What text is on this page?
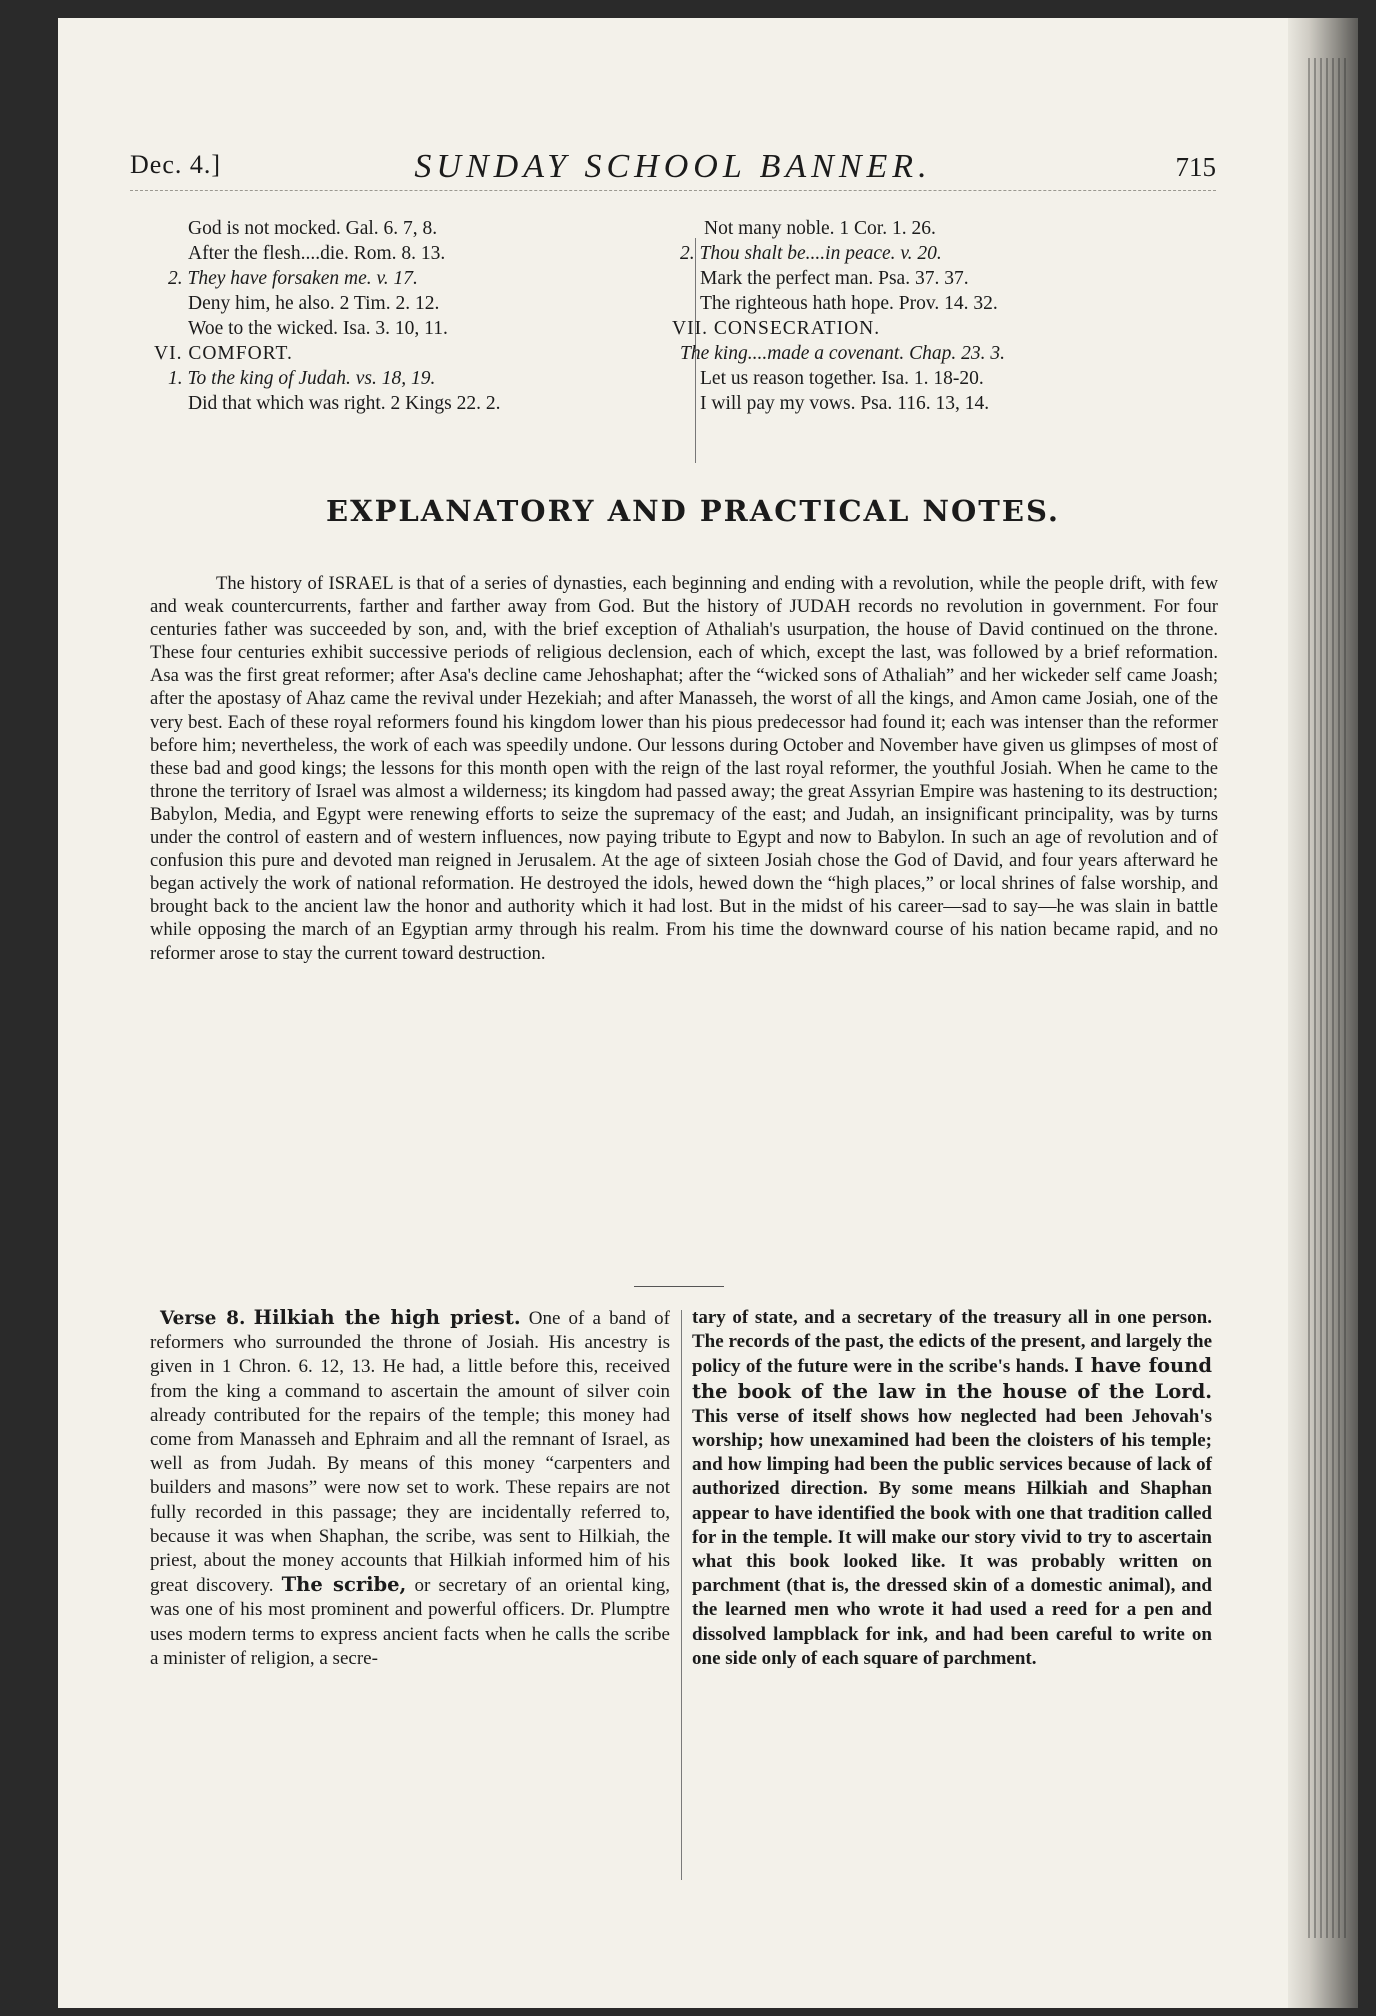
Dec. 4.]	SUNDAY SCHOOL BANNER.	715
God is not mocked. Gal. 6. 7, 8.
After the flesh....die. Rom. 8. 13.
2. They have forsaken me. v. 17.
Deny him, he also. 2 Tim. 2. 12.
Woe to the wicked. Isa. 3. 10, 11.
VI. COMFORT.
1. To the king of Judah. vs. 18, 19.
Did that which was right. 2 Kings 22. 2.
Not many noble. 1 Cor. 1. 26.
2. Thou shalt be....in peace. v. 20.
Mark the perfect man. Psa. 37. 37.
The righteous hath hope. Prov. 14. 32.
VII. CONSECRATION.
The king....made a covenant. Chap. 23. 3.
Let us reason together. Isa. 1. 18-20.
I will pay my vows. Psa. 116. 13, 14.
EXPLANATORY AND PRACTICAL NOTES.
The history of ISRAEL is that of a series of dynasties, each beginning and ending with a revolution, while the people drift, with few and weak countercurrents, farther and farther away from God. But the history of JUDAH records no revolution in government. For four centuries father was succeeded by son, and, with the brief exception of Athaliah's usurpation, the house of David continued on the throne. These four centuries exhibit successive periods of religious declension, each of which, except the last, was followed by a brief reformation. Asa was the first great reformer; after Asa's decline came Jehoshaphat; after the “wicked sons of Athaliah” and her wickeder self came Joash; after the apostasy of Ahaz came the revival under Hezekiah; and after Manasseh, the worst of all the kings, and Amon came Josiah, one of the very best. Each of these royal reformers found his kingdom lower than his pious predecessor had found it; each was intenser than the reformer before him; nevertheless, the work of each was speedily undone. Our lessons during October and November have given us glimpses of most of these bad and good kings; the lessons for this month open with the reign of the last royal reformer, the youthful Josiah. When he came to the throne the territory of Israel was almost a wilderness; its kingdom had passed away; the great Assyrian Empire was hastening to its destruction; Babylon, Media, and Egypt were renewing efforts to seize the supremacy of the east; and Judah, an insignificant principality, was by turns under the control of eastern and of western influences, now paying tribute to Egypt and now to Babylon. In such an age of revolution and of confusion this pure and devoted man reigned in Jerusalem. At the age of sixteen Josiah chose the God of David, and four years afterward he began actively the work of national reformation. He destroyed the idols, hewed down the “high places,” or local shrines of false worship, and brought back to the ancient law the honor and authority which it had lost. But in the midst of his career—sad to say—he was slain in battle while opposing the march of an Egyptian army through his realm. From his time the downward course of his nation became rapid, and no reformer arose to stay the current toward destruction.
Verse 8. Hilkiah the high priest. One of a band of reformers who surrounded the throne of Josiah. His ancestry is given in 1 Chron. 6. 12, 13. He had, a little before this, received from the king a command to ascertain the amount of silver coin already contributed for the repairs of the temple; this money had come from Manasseh and Ephraim and all the remnant of Israel, as well as from Judah. By means of this money “carpenters and builders and masons” were now set to work. These repairs are not fully recorded in this passage; they are incidentally referred to, because it was when Shaphan, the scribe, was sent to Hilkiah, the priest, about the money accounts that Hilkiah informed him of his great discovery. The scribe, or secretary of an oriental king, was one of his most prominent and powerful officers. Dr. Plumptre uses modern terms to express ancient facts when he calls the scribe a minister of religion, a secre-
tary of state, and a secretary of the treasury all in one person. The records of the past, the edicts of the present, and largely the policy of the future were in the scribe's hands. I have found the book of the law in the house of the Lord. This verse of itself shows how neglected had been Jehovah's worship; how unexamined had been the cloisters of his temple; and how limping had been the public services because of lack of authorized direction. By some means Hilkiah and Shaphan appear to have identified the book with one that tradition called for in the temple. It will make our story vivid to try to ascertain what this book looked like. It was probably written on parchment (that is, the dressed skin of a domestic animal), and the learned men who wrote it had used a reed for a pen and dissolved lampblack for ink, and had been careful to write on one side only of each square of parchment.
